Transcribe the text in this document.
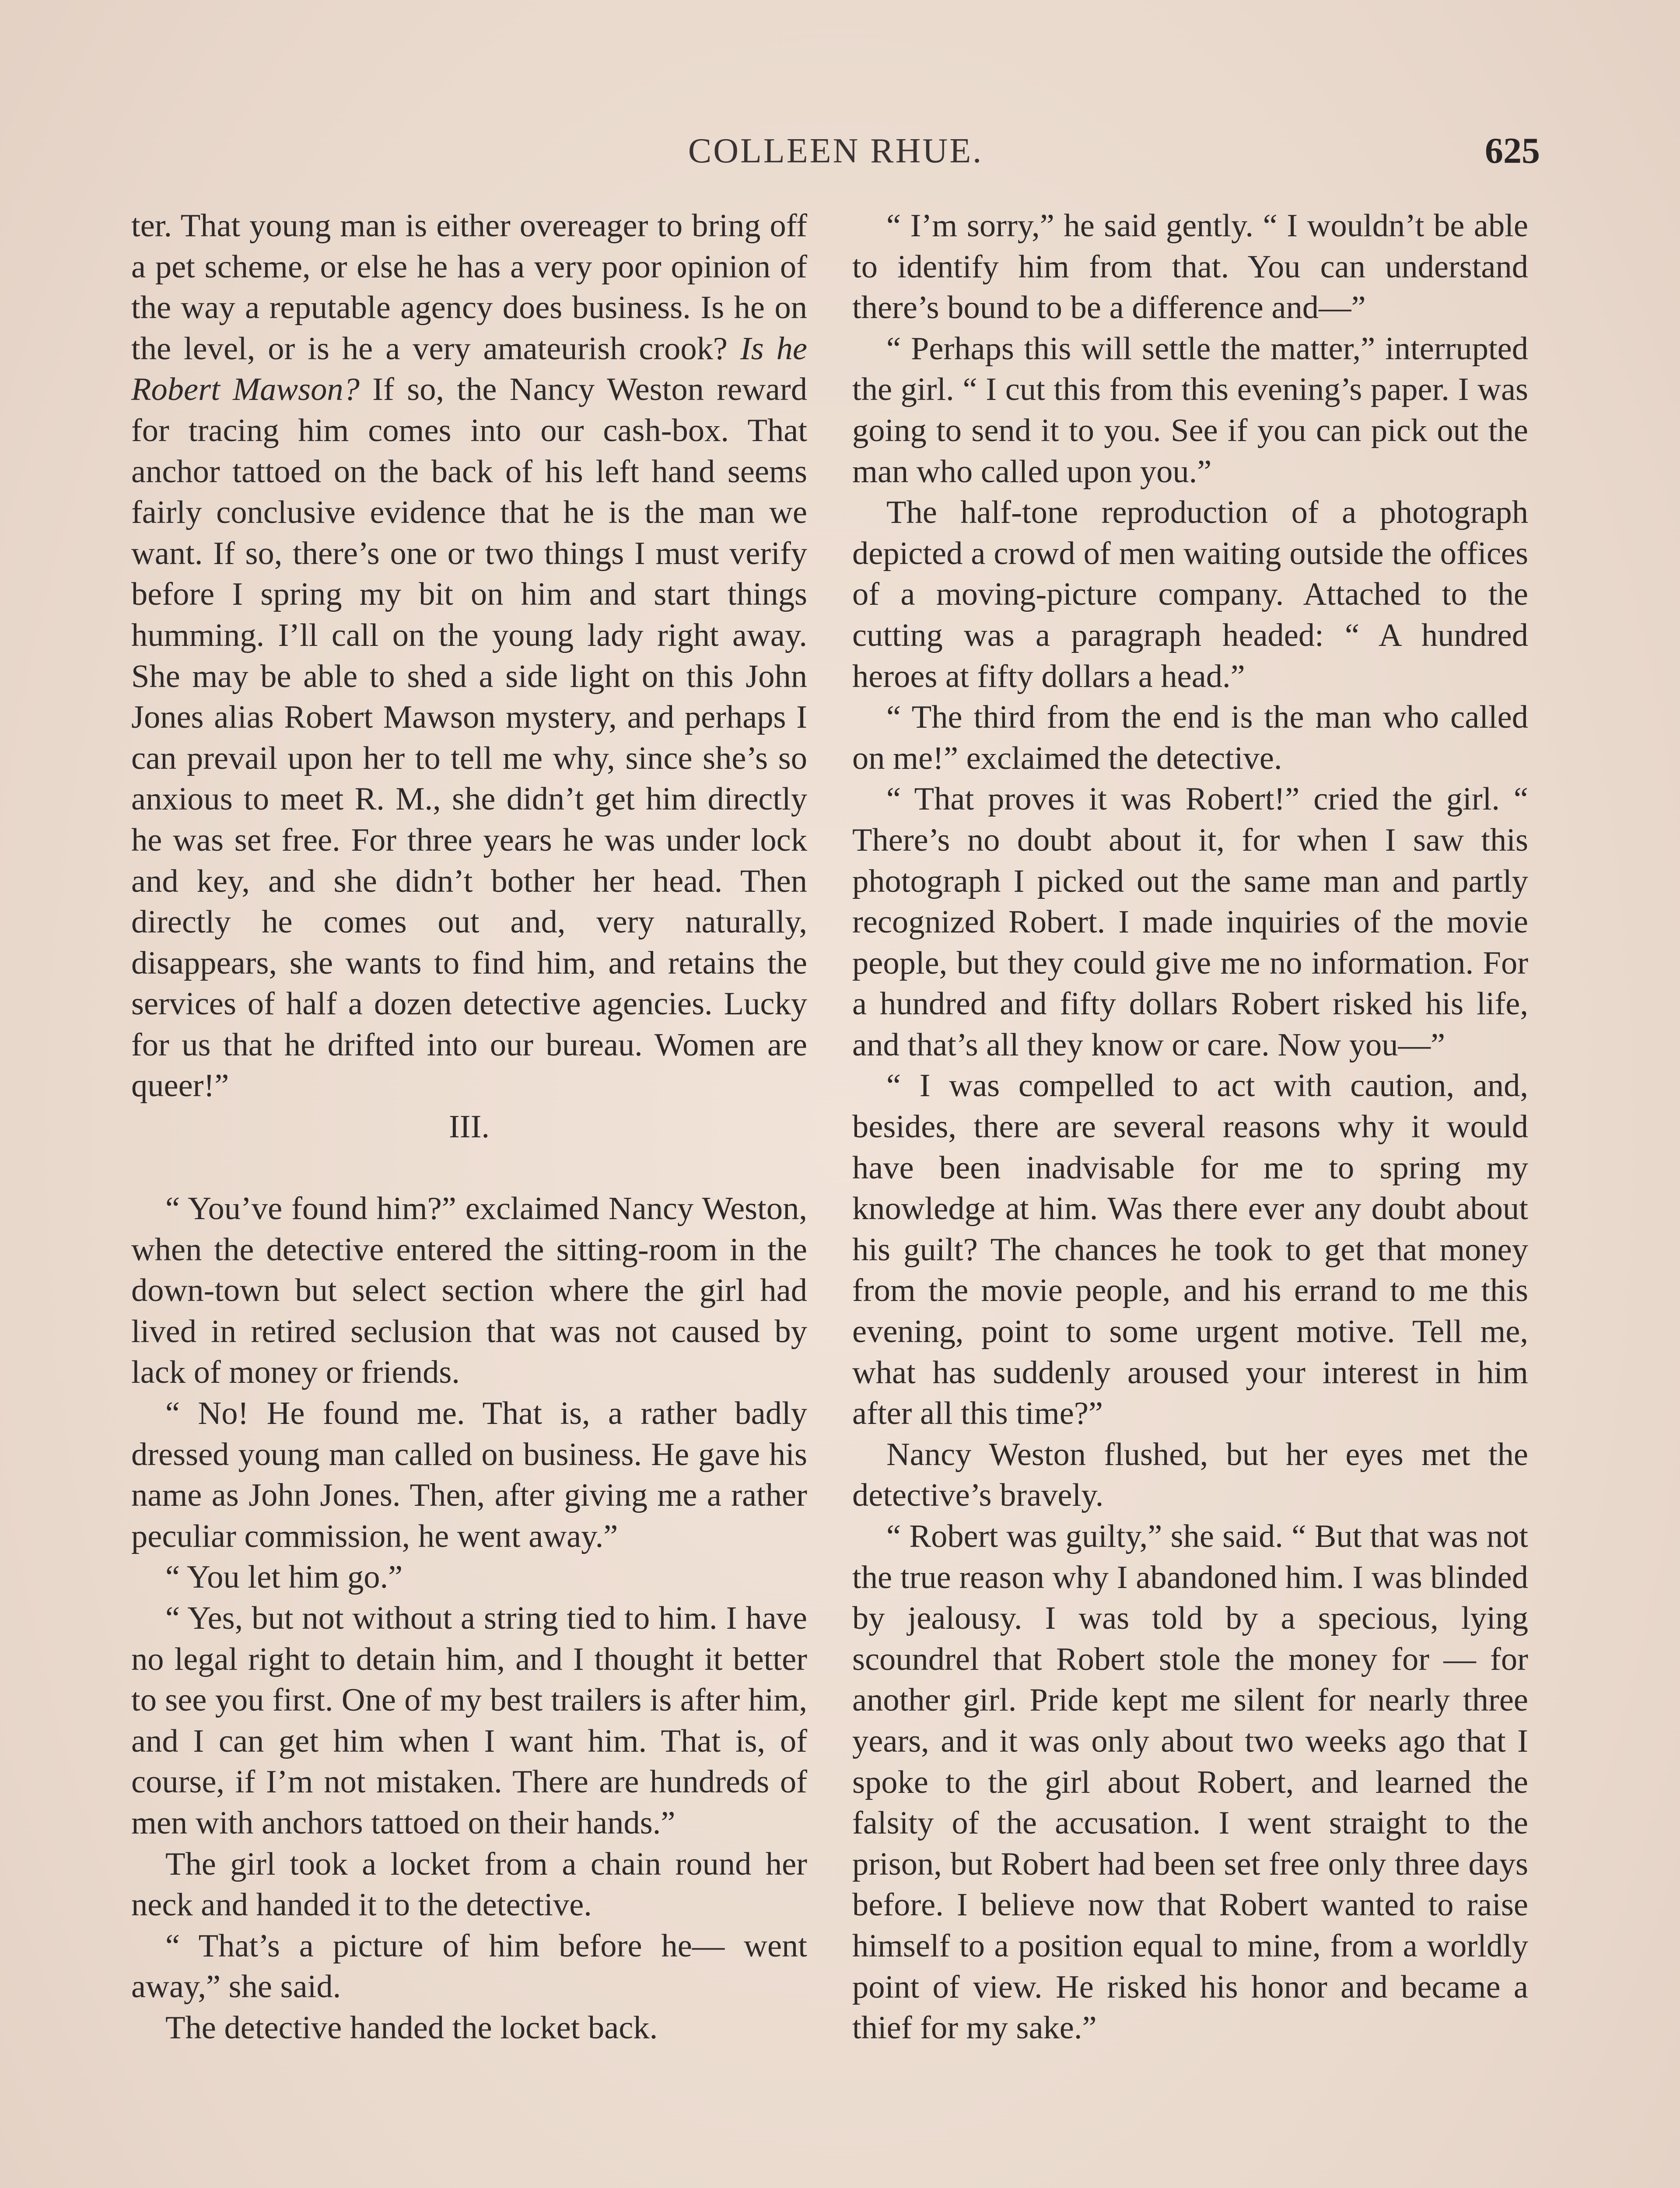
COLLEEN RHUE.	625

ter. That young man is either overeager to bring off a pet scheme, or else he has a very poor opinion of the way a reputable agency does business. Is he on the level, or is he a very amateurish crook? Is he Robert Mawson? If so, the Nancy Weston reward for tracing him comes into our cash-box. That anchor tattoed on the back of his left hand seems fairly conclusive evidence that he is the man we want. If so, there’s one or two things I must verify before I spring my bit on him and start things humming. I’ll call on the young lady right away. She may be able to shed a side light on this John Jones alias Robert Mawson mystery, and perhaps I can prevail upon her to tell me why, since she’s so anxious to meet R. M., she didn’t get him directly he was set free. For three years he was under lock and key, and she didn’t bother her head. Then directly he comes out and, very naturally, disappears, she wants to find him, and retains the services of half a dozen detective agencies. Lucky for us that he drifted into our bureau. Women are queer!”

III.

“ You’ve found him?” exclaimed Nancy Weston, when the detective entered the sitting-room in the down-town but select section where the girl had lived in retired seclusion that was not caused by lack of money or friends.

“ No! He found me. That is, a rather badly dressed young man called on business. He gave his name as John Jones. Then, after giving me a rather peculiar commission, he went away.”

“ You let him go.”

“ Yes, but not without a string tied to him. I have no legal right to detain him, and I thought it better to see you first. One of my best trailers is after him, and I can get him when I want him. That is, of course, if I’m not mistaken. There are hundreds of men with anchors tattoed on their hands.”

The girl took a locket from a chain round her neck and handed it to the detective.

“ That’s a picture of him before he— went away,” she said.

The detective handed the locket back.

“ I’m sorry,” he said gently. “ I wouldn’t be able to identify him from that. You can understand there’s bound to be a difference and—”

“ Perhaps this will settle the matter,” interrupted the girl. “ I cut this from this evening’s paper. I was going to send it to you. See if you can pick out the man who called upon you.”

The half-tone reproduction of a photograph depicted a crowd of men waiting outside the offices of a moving-picture company. Attached to the cutting was a paragraph headed: “ A hundred heroes at fifty dollars a head.”

“ The third from the end is the man who called on me!” exclaimed the detective.

“ That proves it was Robert!” cried the girl. “ There’s no doubt about it, for when I saw this photograph I picked out the same man and partly recognized Robert. I made inquiries of the movie people, but they could give me no information. For a hundred and fifty dollars Robert risked his life, and that’s all they know or care. Now you—”

“ I was compelled to act with caution, and, besides, there are several reasons why it would have been inadvisable for me to spring my knowledge at him. Was there ever any doubt about his guilt? The chances he took to get that money from the movie people, and his errand to me this evening, point to some urgent motive. Tell me, what has suddenly aroused your interest in him after all this time?”

Nancy Weston flushed, but her eyes met the detective’s bravely.

“ Robert was guilty,” she said. “ But that was not the true reason why I abandoned him. I was blinded by jealousy. I was told by a specious, lying scoundrel that Robert stole the money for — for another girl. Pride kept me silent for nearly three years, and it was only about two weeks ago that I spoke to the girl about Robert, and learned the falsity of the accusation. I went straight to the prison, but Robert had been set free only three days before. I believe now that Robert wanted to raise himself to a position equal to mine, from a worldly point of view. He risked his honor and became a thief for my sake.”
